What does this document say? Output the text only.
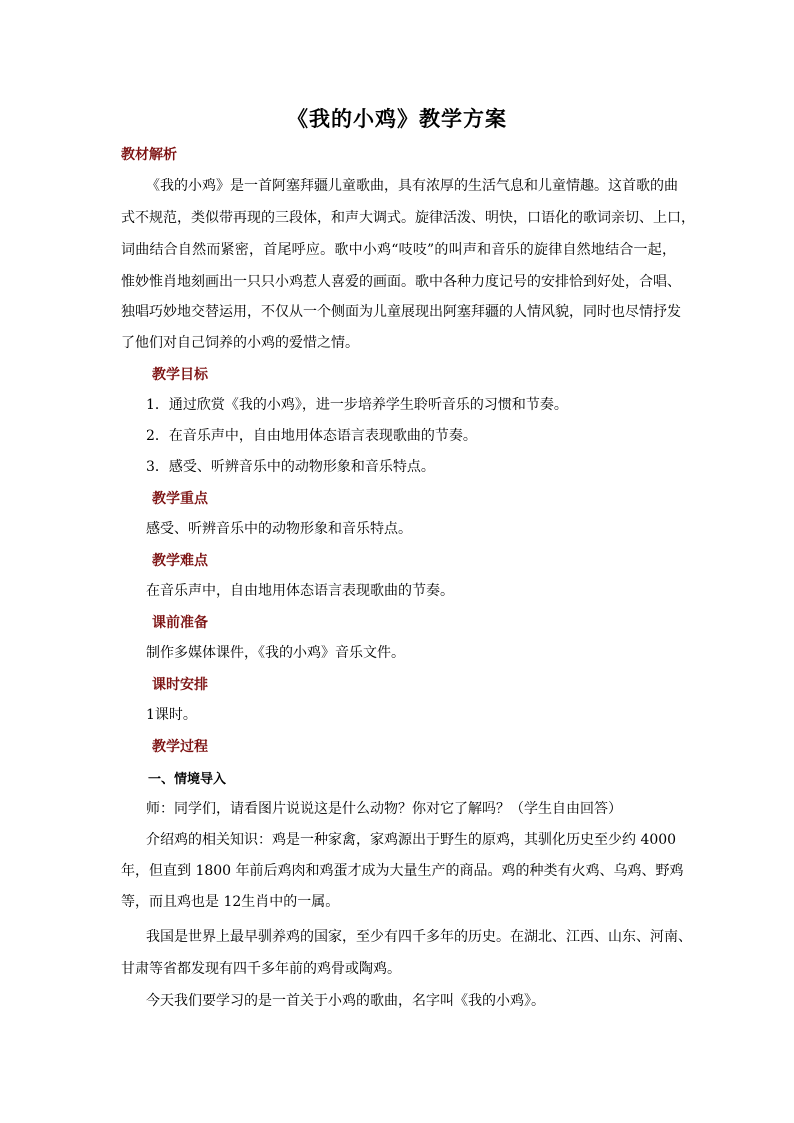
《我的小鸡》教学方案
教材解析
《我的小鸡》是一首阿塞拜疆儿童歌曲，具有浓厚的生活气息和儿童情趣。这首歌的曲
式不规范，类似带再现的三段体，和声大调式。旋律活泼、明快，口语化的歌词亲切、上口，
词曲结合自然而紧密，首尾呼应。歌中小鸡“吱吱”的叫声和音乐的旋律自然地结合一起，
惟妙惟肖地刻画出一只只小鸡惹人喜爱的画面。歌中各种力度记号的安排恰到好处，合唱、
独唱巧妙地交替运用，不仅从一个侧面为儿童展现出阿塞拜疆的人情风貌，同时也尽情抒发
了他们对自己饲养的小鸡的爱惜之情。
教学目标
1．通过欣赏《我的小鸡》，进一步培养学生聆听音乐的习惯和节奏。
2．在音乐声中，自由地用体态语言表现歌曲的节奏。
3．感受、听辨音乐中的动物形象和音乐特点。
教学重点
感受、听辨音乐中的动物形象和音乐特点。
教学难点
在音乐声中，自由地用体态语言表现歌曲的节奏。
课前准备
制作多媒体课件，《我的小鸡》音乐文件。
课时安排
1课时。
教学过程
一、情境导入
师：同学们，请看图片说说这是什么动物？你对它了解吗？（学生自由回答）
介绍鸡的相关知识：鸡是一种家禽，家鸡源出于野生的原鸡，其驯化历史至少约 4000
年，但直到 1800 年前后鸡肉和鸡蛋才成为大量生产的商品。鸡的种类有火鸡、乌鸡、野鸡
等，而且鸡也是 12生肖中的一属。
我国是世界上最早驯养鸡的国家，至少有四千多年的历史。在湖北、江西、山东、河南、
甘肃等省都发现有四千多年前的鸡骨或陶鸡。
今天我们要学习的是一首关于小鸡的歌曲，名字叫《我的小鸡》。
